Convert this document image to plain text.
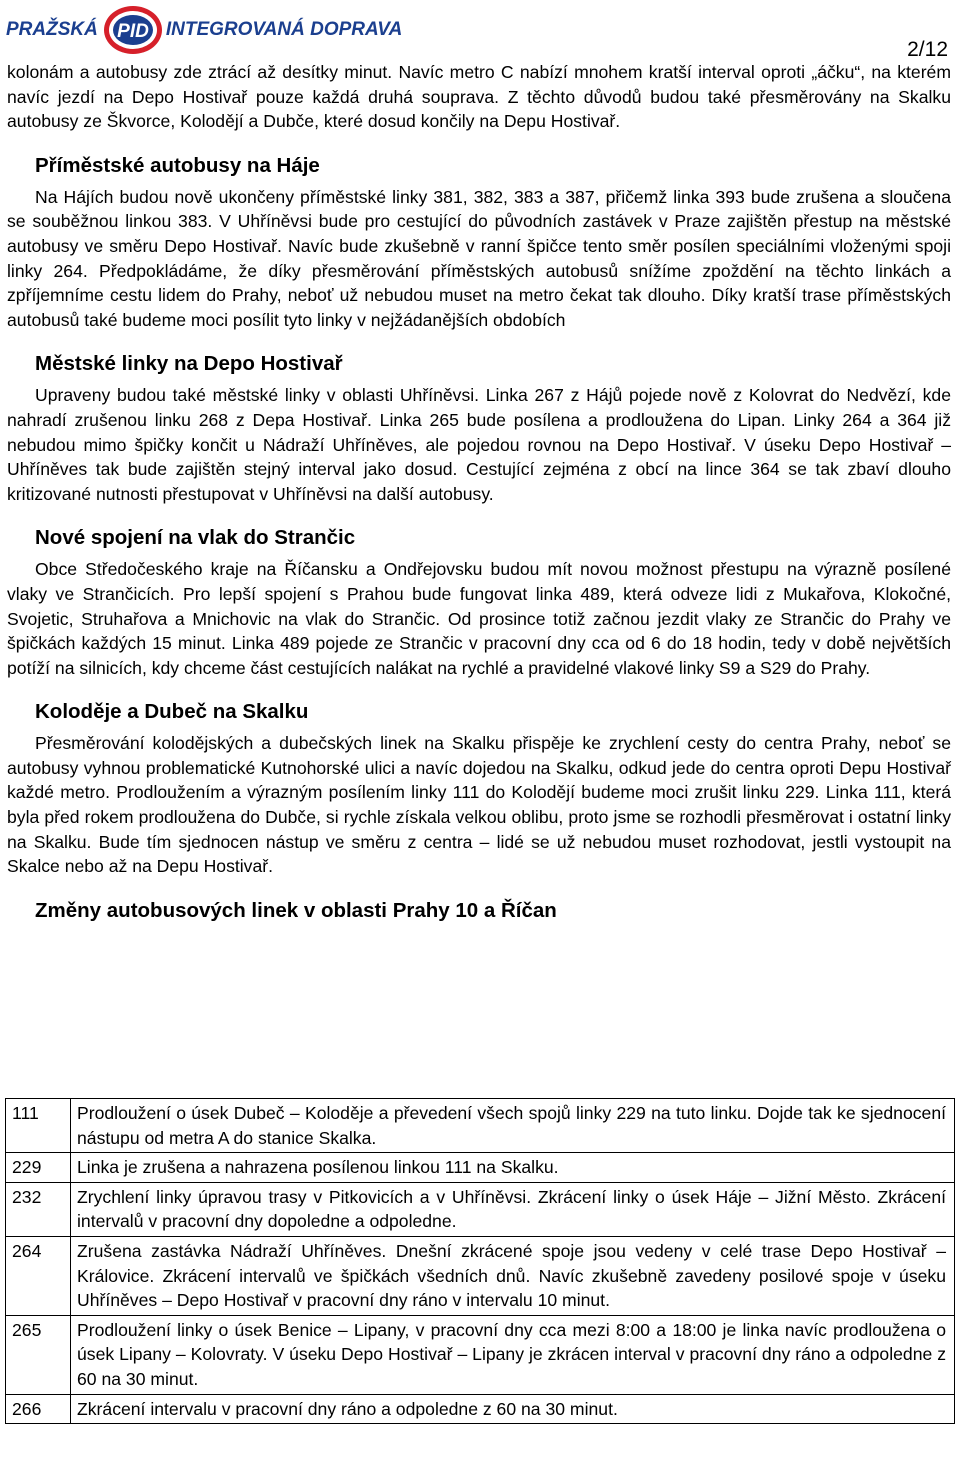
PRAŽSKÁ PID INTEGROVANÁ DOPRAVA
2/12

kolonám a autobusy zde ztrácí až desítky minut. Navíc metro C nabízí mnohem kratší interval oproti „áčku“, na kterém navíc jezdí na Depo Hostivař pouze každá druhá souprava. Z těchto důvodů budou také přesměrovány na Skalku autobusy ze Škvorce, Kolodějí a Dubče, které dosud končily na Depu Hostivař.

Příměstské autobusy na Háje

Na Hájích budou nově ukončeny příměstské linky 381, 382, 383 a 387, přičemž linka 393 bude zrušena a sloučena se souběžnou linkou 383. V Uhříněvsi bude pro cestující do původních zastávek v Praze zajištěn přestup na městské autobusy ve směru Depo Hostivař. Navíc bude zkušebně v ranní špičce tento směr posílen speciálními vloženými spoji linky 264. Předpokládáme, že díky přesměrování příměstských autobusů snížíme zpoždění na těchto linkách a zpříjemníme cestu lidem do Prahy, neboť už nebudou muset na metro čekat tak dlouho. Díky kratší trase příměstských autobusů také budeme moci posílit tyto linky v nejžádanějších obdobích

Městské linky na Depo Hostivař

Upraveny budou také městské linky v oblasti Uhříněvsi. Linka 267 z Hájů pojede nově z Kolovrat do Nedvězí, kde nahradí zrušenou linku 268 z Depa Hostivař. Linka 265 bude posílena a prodloužena do Lipan. Linky 264 a 364 již nebudou mimo špičky končit u Nádraží Uhříněves, ale pojedou rovnou na Depo Hostivař. V úseku Depo Hostivař – Uhříněves tak bude zajištěn stejný interval jako dosud. Cestující zejména z obcí na lince 364 se tak zbaví dlouho kritizované nutnosti přestupovat v Uhříněvsi na další autobusy.

Nové spojení na vlak do Strančic

Obce Středočeského kraje na Říčansku a Ondřejovsku budou mít novou možnost přestupu na výrazně posílené vlaky ve Strančicích. Pro lepší spojení s Prahou bude fungovat linka 489, která odveze lidi z Mukařova, Klokočné, Svojetic, Struhařova a Mnichovic na vlak do Strančic. Od prosince totiž začnou jezdit vlaky ze Strančic do Prahy ve špičkách každých 15 minut. Linka 489 pojede ze Strančic v pracovní dny cca od 6 do 18 hodin, tedy v době největších potíží na silnicích, kdy chceme část cestujících nalákat na rychlé a pravidelné vlakové linky S9 a S29 do Prahy.

Koloděje a Dubeč na Skalku

Přesměrování kolodějských a dubečských linek na Skalku přispěje ke zrychlení cesty do centra Prahy, neboť se autobusy vyhnou problematické Kutnohorské ulici a navíc dojedou na Skalku, odkud jede do centra oproti Depu Hostivař každé metro. Prodloužením a výrazným posílením linky 111 do Kolodějí budeme moci zrušit linku 229. Linka 111, která byla před rokem prodloužena do Dubče, si rychle získala velkou oblibu, proto jsme se rozhodli přesměrovat i ostatní linky na Skalku. Bude tím sjednocen nástup ve směru z centra – lidé se už nebudou muset rozhodovat, jestli vystoupit na Skalce nebo až na Depu Hostivař.

Změny autobusových linek v oblasti Prahy 10 a Říčan
111	Prodloužení o úsek Dubeč – Koloděje a převedení všech spojů linky 229 na tuto linku. Dojde tak ke sjednocení nástupu od metra A do stanice Skalka.
229	Linka je zrušena a nahrazena posílenou linkou 111 na Skalku.
232	Zrychlení linky úpravou trasy v Pitkovicích a v Uhříněvsi. Zkrácení linky o úsek Háje – Jižní Město. Zkrácení intervalů v pracovní dny dopoledne a odpoledne.
264	Zrušena zastávka Nádraží Uhříněves. Dnešní zkrácené spoje jsou vedeny v celé trase Depo Hostivař – Královice. Zkrácení intervalů ve špičkách všedních dnů. Navíc zkušebně zavedeny posilové spoje v úseku Uhříněves – Depo Hostivař v pracovní dny ráno v intervalu 10 minut.
265	Prodloužení linky o úsek Benice – Lipany, v pracovní dny cca mezi 8:00 a 18:00 je linka navíc prodloužena o úsek Lipany – Kolovraty. V úseku Depo Hostivař – Lipany je zkrácen interval v pracovní dny ráno a odpoledne z 60 na 30 minut.
266	Zkrácení intervalu v pracovní dny ráno a odpoledne z 60 na 30 minut.
